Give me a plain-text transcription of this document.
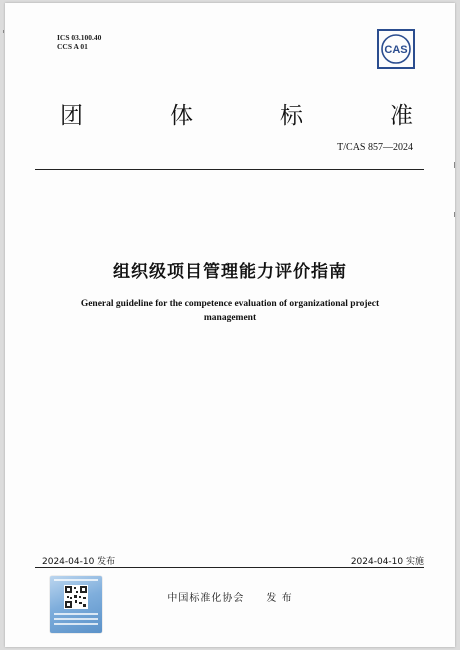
ICS 03.100.40
CCS A 01	CAS
团	体	标	准
T/CAS 857—2024
组织级项目管理能力评价指南
General guideline for the competence evaluation of organizational project
management
2024-04-10 发布	2024-04-10 实施
中国标准化协会 发 布
